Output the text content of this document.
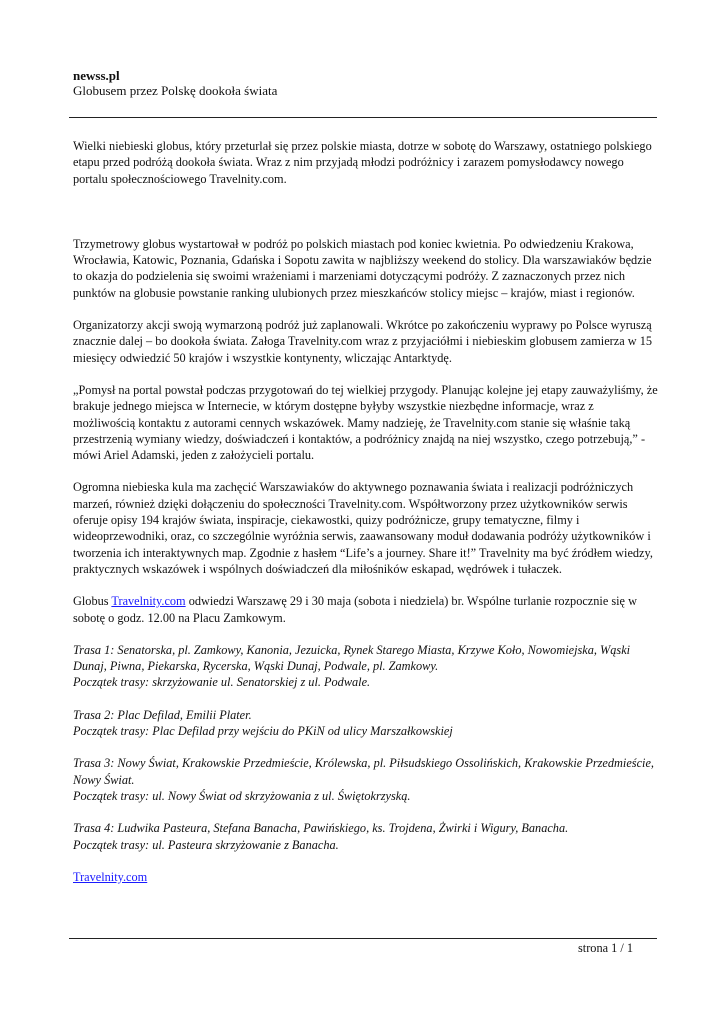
newss.pl
Globusem przez Polskę dookoła świata

Wielki niebieski globus, który przeturlał się przez polskie miasta, dotrze w sobotę do Warszawy, ostatniego polskiego etapu przed podróżą dookoła świata. Wraz z nim przyjadą młodzi podróżnicy i zarazem pomysłodawcy nowego portalu społecznościowego Travelnity.com.

Trzymetrowy globus wystartował w podróż po polskich miastach pod koniec kwietnia. Po odwiedzeniu Krakowa, Wrocławia, Katowic, Poznania, Gdańska i Sopotu zawita w najbliższy weekend do stolicy. Dla warszawiaków będzie to okazja do podzielenia się swoimi wrażeniami i marzeniami dotyczącymi podróży. Z zaznaczonych przez nich punktów na globusie powstanie ranking ulubionych przez mieszkańców stolicy miejsc – krajów, miast i regionów.

Organizatorzy akcji swoją wymarzoną podróż już zaplanowali. Wkrótce po zakończeniu wyprawy po Polsce wyruszą znacznie dalej – bo dookoła świata. Załoga Travelnity.com wraz z przyjaciółmi i niebieskim globusem zamierza w 15 miesięcy odwiedzić 50 krajów i wszystkie kontynenty, wliczając Antarktydę.

„Pomysł na portal powstał podczas przygotowań do tej wielkiej przygody. Planując kolejne jej etapy zauważyliśmy, że brakuje jednego miejsca w Internecie, w którym dostępne byłyby wszystkie niezbędne informacje, wraz z możliwością kontaktu z autorami cennych wskazówek. Mamy nadzieję, że Travelnity.com stanie się właśnie taką przestrzenią wymiany wiedzy, doświadczeń i kontaktów, a podróżnicy znajdą na niej wszystko, czego potrzebują,” - mówi Ariel Adamski, jeden z założycieli portalu.

Ogromna niebieska kula ma zachęcić Warszawiaków do aktywnego poznawania świata i realizacji podróżniczych marzeń, również dzięki dołączeniu do społeczności Travelnity.com. Współtworzony przez użytkowników serwis oferuje opisy 194 krajów świata, inspiracje, ciekawostki, quizy podróżnicze, grupy tematyczne, filmy i wideoprzewodniki, oraz, co szczególnie wyróżnia serwis, zaawansowany moduł dodawania podróży użytkowników i tworzenia ich interaktywnych map. Zgodnie z hasłem “Life’s a journey. Share it!” Travelnity ma być źródłem wiedzy, praktycznych wskazówek i wspólnych doświadczeń dla miłośników eskapad, wędrówek i tułaczek.

Globus Travelnity.com odwiedzi Warszawę 29 i 30 maja (sobota i niedziela) br. Wspólne turlanie rozpocznie się w sobotę o godz. 12.00 na Placu Zamkowym.

Trasa 1: Senatorska, pl. Zamkowy, Kanonia, Jezuicka, Rynek Starego Miasta, Krzywe Koło, Nowomiejska, Wąski Dunaj, Piwna, Piekarska, Rycerska, Wąski Dunaj, Podwale, pl. Zamkowy.
Początek trasy: skrzyżowanie ul. Senatorskiej z ul. Podwale.

Trasa 2: Plac Defilad, Emilii Plater.
Początek trasy: Plac Defilad przy wejściu do PKiN od ulicy Marszałkowskiej

Trasa 3: Nowy Świat, Krakowskie Przedmieście, Królewska, pl. Piłsudskiego Ossolińskich, Krakowskie Przedmieście, Nowy Świat.
Początek trasy: ul. Nowy Świat od skrzyżowania z ul. Świętokrzyską.

Trasa 4: Ludwika Pasteura, Stefana Banacha, Pawińskiego, ks. Trojdena, Żwirki i Wigury, Banacha.
Początek trasy: ul. Pasteura skrzyżowanie z Banacha.

Travelnity.com

strona 1 / 1
